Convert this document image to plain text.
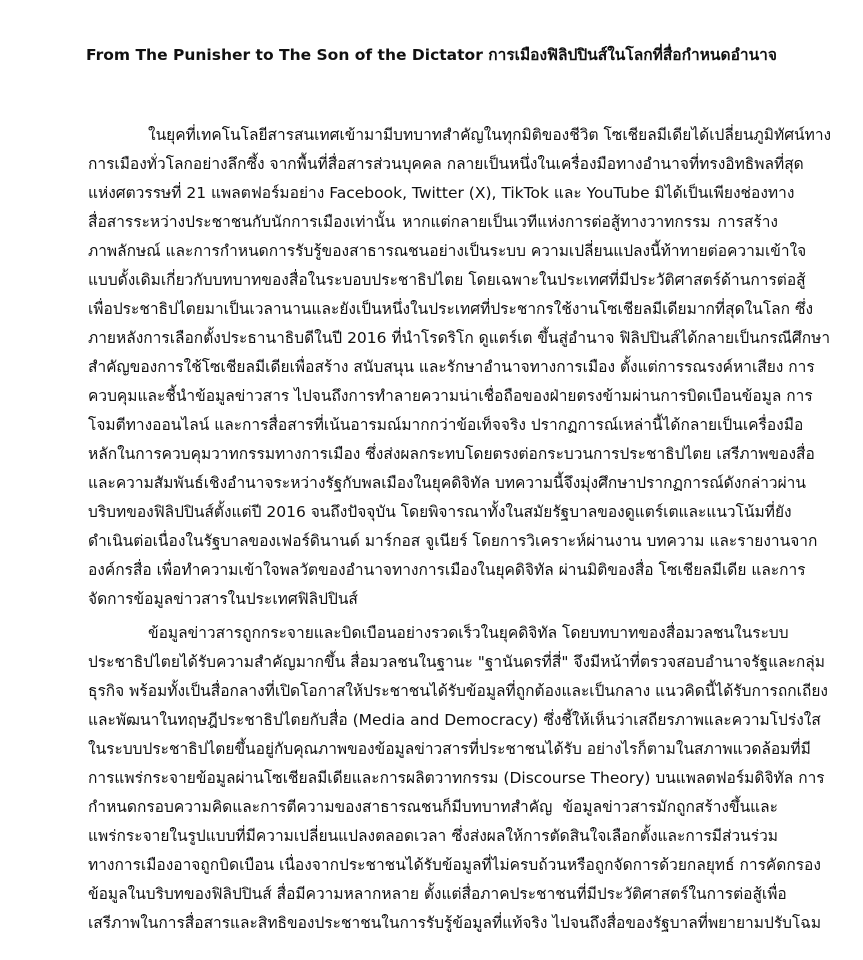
From The Punisher to The Son of the Dictator การเมืองฟิลิปปินส์ในโลกที่สื่อกำหนดอำนาจ
ในยุคที่เทคโนโลยีสารสนเทศเข้ามามีบทบาทสำคัญในทุกมิติของชีวิต โซเชียลมีเดียได้เปลี่ยนภูมิทัศน์ทาง
การเมืองทั่วโลกอย่างลึกซึ้ง จากพื้นที่สื่อสารส่วนบุคคล กลายเป็นหนึ่งในเครื่องมือทางอำนาจที่ทรงอิทธิพลที่สุด
แห่งศตวรรษที่ 21 แพลตฟอร์มอย่าง Facebook, Twitter (X), TikTok และ YouTube มิได้เป็นเพียงช่องทาง
สื่อสารระหว่างประชาชนกับนักการเมืองเท่านั้น หากแต่กลายเป็นเวทีแห่งการต่อสู้ทางวาทกรรม การสร้าง
ภาพลักษณ์ และการกำหนดการรับรู้ของสาธารณชนอย่างเป็นระบบ ความเปลี่ยนแปลงนี้ท้าทายต่อความเข้าใจ
แบบดั้งเดิมเกี่ยวกับบทบาทของสื่อในระบอบประชาธิปไตย โดยเฉพาะในประเทศที่มีประวัติศาสตร์ด้านการต่อสู้
เพื่อประชาธิปไตยมาเป็นเวลานานและยังเป็นหนึ่งในประเทศที่ประชากรใช้งานโซเชียลมีเดียมากที่สุดในโลก ซึ่ง
ภายหลังการเลือกตั้งประธานาธิบดีในปี 2016 ที่นำโรดริโก ดูแตร์เต ขึ้นสู่อำนาจ ฟิลิปปินส์ได้กลายเป็นกรณีศึกษา
สำคัญของการใช้โซเชียลมีเดียเพื่อสร้าง สนับสนุน และรักษาอำนาจทางการเมือง ตั้งแต่การรณรงค์หาเสียง การ
ควบคุมและชี้นำข้อมูลข่าวสาร ไปจนถึงการทำลายความน่าเชื่อถือของฝ่ายตรงข้ามผ่านการบิดเบือนข้อมูล การ
โจมตีทางออนไลน์ และการสื่อสารที่เน้นอารมณ์มากกว่าข้อเท็จจริง ปรากฏการณ์เหล่านี้ได้กลายเป็นเครื่องมือ
หลักในการควบคุมวาทกรรมทางการเมือง ซึ่งส่งผลกระทบโดยตรงต่อกระบวนการประชาธิปไตย เสรีภาพของสื่อ
และความสัมพันธ์เชิงอำนาจระหว่างรัฐกับพลเมืองในยุคดิจิทัล บทความนี้จึงมุ่งศึกษาปรากฏการณ์ดังกล่าวผ่าน
บริบทของฟิลิปปินส์ตั้งแต่ปี 2016 จนถึงปัจจุบัน โดยพิจารณาทั้งในสมัยรัฐบาลของดูแตร์เตและแนวโน้มที่ยัง
ดำเนินต่อเนื่องในรัฐบาลของเฟอร์ดินานด์ มาร์กอส จูเนียร์ โดยการวิเคราะห์ผ่านงาน บทความ และรายงานจาก
องค์กรสื่อ เพื่อทำความเข้าใจพลวัตของอำนาจทางการเมืองในยุคดิจิทัล ผ่านมิติของสื่อ โซเชียลมีเดีย และการ
จัดการข้อมูลข่าวสารในประเทศฟิลิปปินส์
ข้อมูลข่าวสารถูกกระจายและบิดเบือนอย่างรวดเร็วในยุคดิจิทัล โดยบทบาทของสื่อมวลชนในระบบ
ประชาธิปไตยได้รับความสำคัญมากขึ้น สื่อมวลชนในฐานะ "ฐานันดรที่สี่" จึงมีหน้าที่ตรวจสอบอำนาจรัฐและกลุ่ม
ธุรกิจ พร้อมทั้งเป็นสื่อกลางที่เปิดโอกาสให้ประชาชนได้รับข้อมูลที่ถูกต้องและเป็นกลาง แนวคิดนี้ได้รับการถกเถียง
และพัฒนาในทฤษฎีประชาธิปไตยกับสื่อ (Media and Democracy) ซึ่งชี้ให้เห็นว่าเสถียรภาพและความโปร่งใส
ในระบบประชาธิปไตยขึ้นอยู่กับคุณภาพของข้อมูลข่าวสารที่ประชาชนได้รับ อย่างไรก็ตามในสภาพแวดล้อมที่มี
การแพร่กระจายข้อมูลผ่านโซเชียลมีเดียและการผลิตวาทกรรม (Discourse Theory) บนแพลตฟอร์มดิจิทัล การ
กำหนดกรอบความคิดและการตีความของสาธารณชนก็มีบทบาทสำคัญ ข้อมูลข่าวสารมักถูกสร้างขึ้นและ
แพร่กระจายในรูปแบบที่มีความเปลี่ยนแปลงตลอดเวลา ซึ่งส่งผลให้การตัดสินใจเลือกตั้งและการมีส่วนร่วม
ทางการเมืองอาจถูกบิดเบือน เนื่องจากประชาชนได้รับข้อมูลที่ไม่ครบถ้วนหรือถูกจัดการด้วยกลยุทธ์ การคัดกรอง
ข้อมูลในบริบทของฟิลิปปินส์ สื่อมีความหลากหลาย ตั้งแต่สื่อภาคประชาชนที่มีประวัติศาสตร์ในการต่อสู้เพื่อ
เสรีภาพในการสื่อสารและสิทธิของประชาชนในการรับรู้ข้อมูลที่แท้จริง ไปจนถึงสื่อของรัฐบาลที่พยายามปรับโฉม
